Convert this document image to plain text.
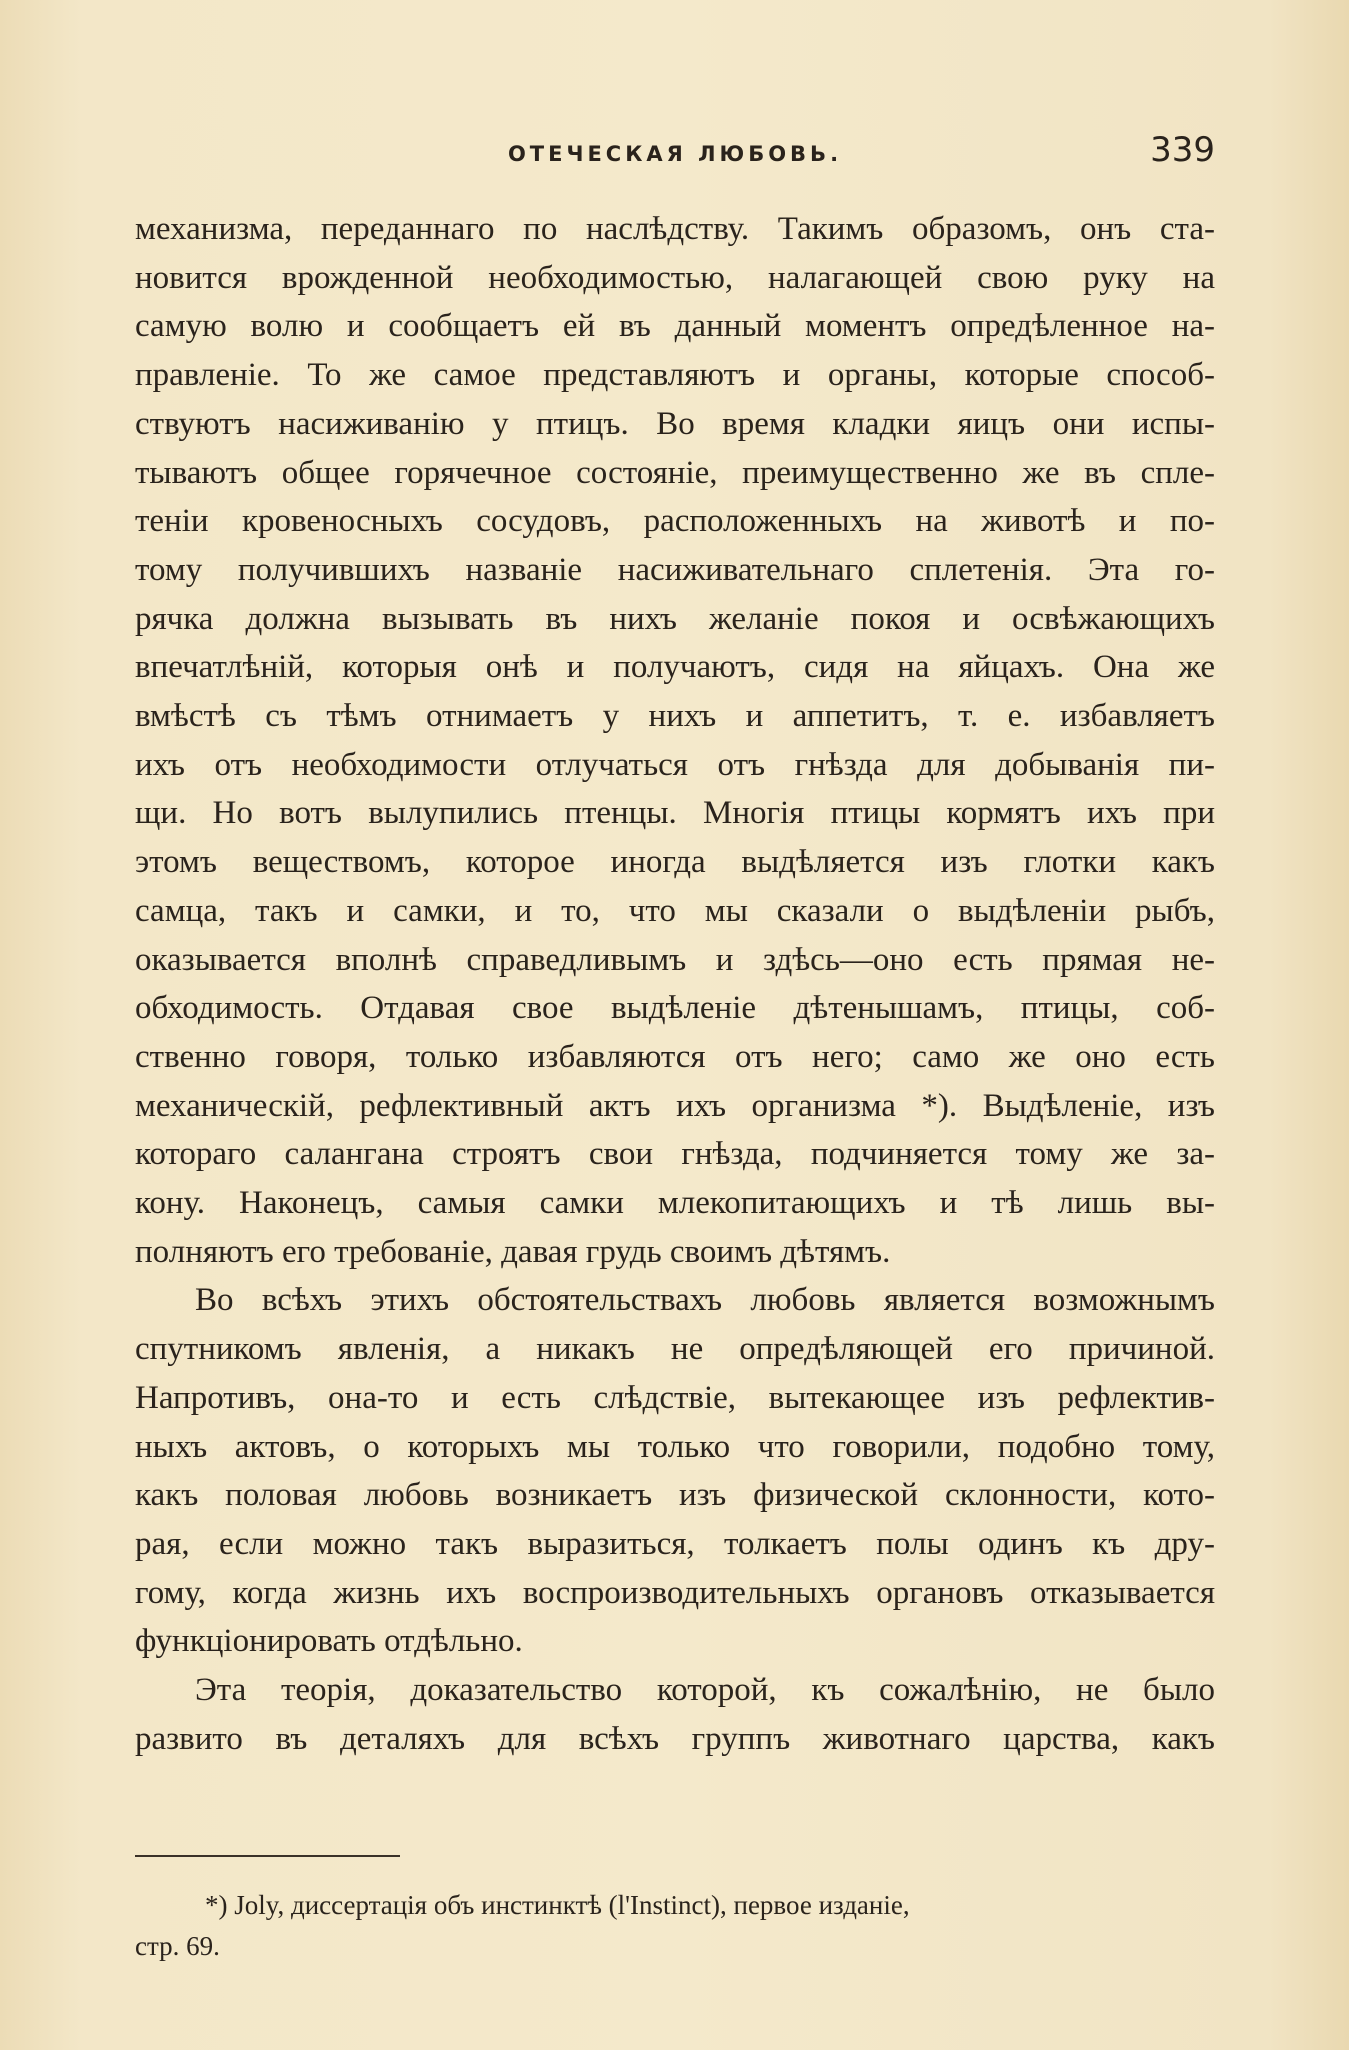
ОТЕЧЕСКАЯ ЛЮБОВЬ.	339

механизма, переданнаго по наслѣдству. Такимъ образомъ, онъ ста-

новится врожденной необходимостью, налагающей свою руку на

самую волю и сообщаетъ ей въ данный моментъ опредѣленное на-

правленіе. То же самое представляютъ и органы, которые способ-

ствуютъ насиживанію у птицъ. Во время кладки яицъ они испы-

тываютъ общее горячечное состояніе, преимущественно же въ спле-

теніи кровеносныхъ сосудовъ, расположенныхъ на животѣ и по-

тому получившихъ названіе насиживательнаго сплетенія. Эта го-

рячка должна вызывать въ нихъ желаніе покоя и освѣжающихъ

впечатлѣній, которыя онѣ и получаютъ, сидя на яйцахъ. Она же

вмѣстѣ съ тѣмъ отнимаетъ у нихъ и аппетитъ, т. е. избавляетъ

ихъ отъ необходимости отлучаться отъ гнѣзда для добыванія пи-

щи. Но вотъ вылупились птенцы. Многія птицы кормятъ ихъ при

этомъ веществомъ, которое иногда выдѣляется изъ глотки какъ

самца, такъ и самки, и то, что мы сказали о выдѣленіи рыбъ,

оказывается вполнѣ справедливымъ и здѣсь—оно есть прямая не-

обходимость. Отдавая свое выдѣленіе дѣтенышамъ, птицы, соб-

ственно говоря, только избавляются отъ него; само же оно есть

механическій, рефлективный актъ ихъ организма *). Выдѣленіе, изъ

котораго салангана строятъ свои гнѣзда, подчиняется тому же за-

кону. Наконецъ, самыя самки млекопитающихъ и тѣ лишь вы-

полняютъ его требованіе, давая грудь своимъ дѣтямъ.

Во всѣхъ этихъ обстоятельствахъ любовь является возможнымъ

спутникомъ явленія, а никакъ не опредѣляющей его причиной.

Напротивъ, она-то и есть слѣдствіе, вытекающее изъ рефлектив-

ныхъ актовъ, о которыхъ мы только что говорили, подобно тому,

какъ половая любовь возникаетъ изъ физической склонности, кото-

рая, если можно такъ выразиться, толкаетъ полы одинъ къ дру-

гому, когда жизнь ихъ воспроизводительныхъ органовъ отказывается

функціонировать отдѣльно.

Эта теорія, доказательство которой, къ сожалѣнію, не было

развито въ деталяхъ для всѣхъ группъ животнаго царства, какъ

*) Joly, диссертація объ инстинктѣ (l'Instinct), первое изданіе,

стр. 69.
